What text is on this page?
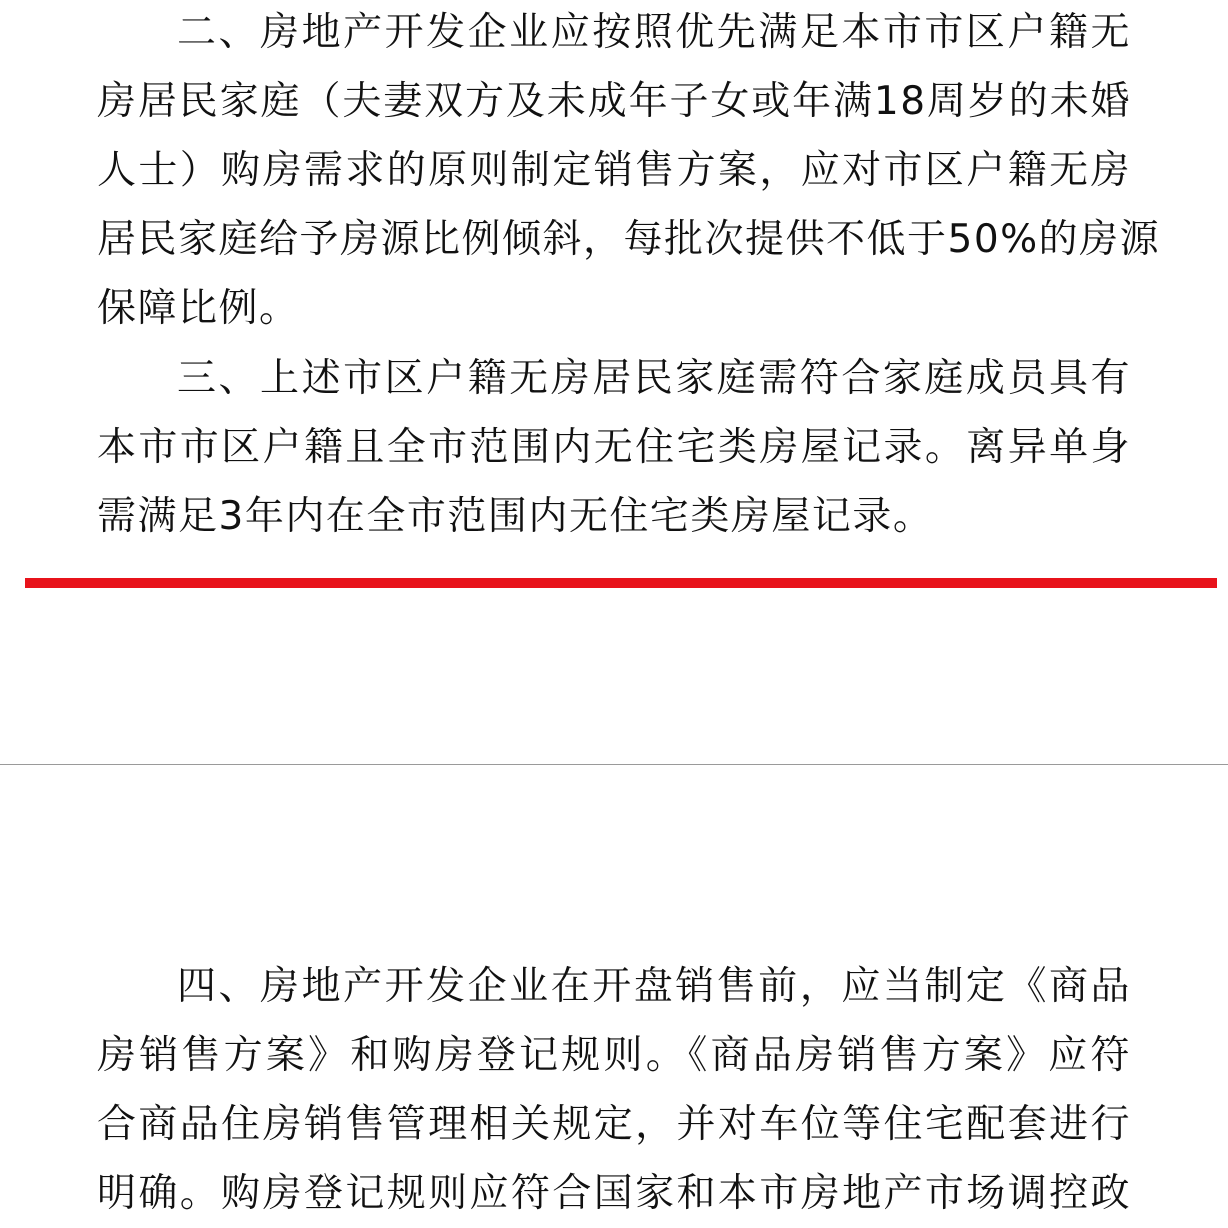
二、房地产开发企业应按照优先满足本市市区户籍无
房居民家庭（夫妻双方及未成年子女或年满18周岁的未婚
人士）购房需求的原则制定销售方案，应对市区户籍无房
居民家庭给予房源比例倾斜，每批次提供不低于50%的房源
保障比例。

三、上述市区户籍无房居民家庭需符合家庭成员具有
本市市区户籍且全市范围内无住宅类房屋记录。离异单身
需满足3年内在全市范围内无住宅类房屋记录。

四、房地产开发企业在开盘销售前，应当制定《商品
房销售方案》和购房登记规则。《商品房销售方案》应符
合商品住房销售管理相关规定，并对车位等住宅配套进行
明确。购房登记规则应符合国家和本市房地产市场调控政
